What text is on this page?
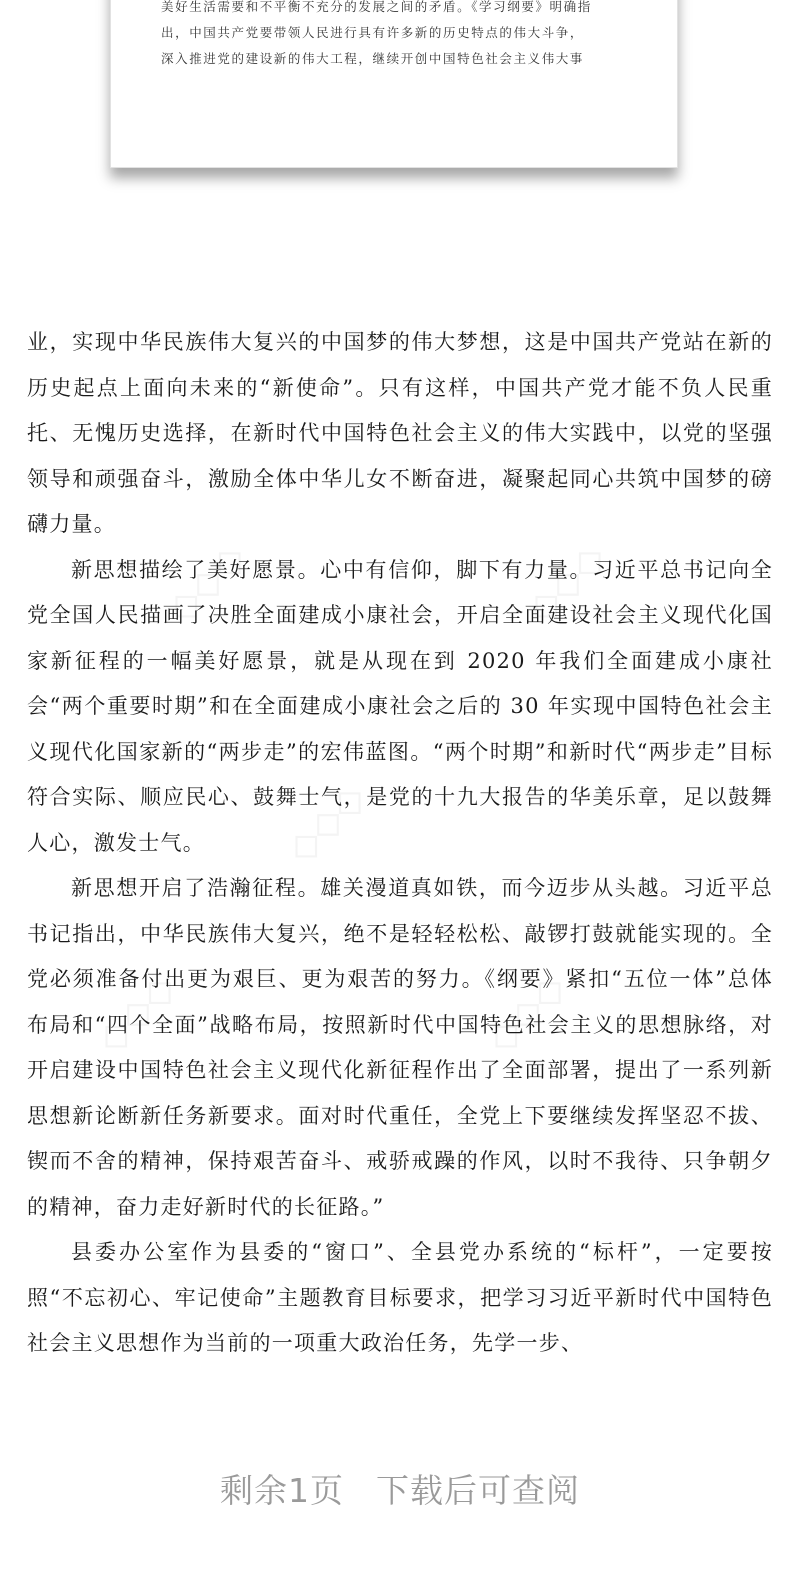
美好生活需要和不平衡不充分的发展之间的矛盾。《学习纲要》明确指
出，中国共产党要带领人民进行具有许多新的历史特点的伟大斗争，
深入推进党的建设新的伟大工程，继续开创中国特色社会主义伟大事
◇◇◇	◇◇◇
◇◇◇
◇◇◇	◇◇◇

业，实现中华民族伟大复兴的中国梦的伟大梦想，这是中国共产党站在新的历史起点上面向未来的“新使命”。只有这样，中国共产党才能不负人民重托、无愧历史选择，在新时代中国特色社会主义的伟大实践中，以党的坚强领导和顽强奋斗，激励全体中华儿女不断奋进，凝聚起同心共筑中国梦的磅礴力量。

新思想描绘了美好愿景。心中有信仰，脚下有力量。习近平总书记向全党全国人民描画了决胜全面建成小康社会，开启全面建设社会主义现代化国家新征程的一幅美好愿景，就是从现在到 2020 年我们全面建成小康社会“两个重要时期”和在全面建成小康社会之后的 30 年实现中国特色社会主义现代化国家新的“两步走”的宏伟蓝图。“两个时期”和新时代“两步走”目标符合实际、顺应民心、鼓舞士气，是党的十九大报告的华美乐章，足以鼓舞人心，激发士气。

新思想开启了浩瀚征程。雄关漫道真如铁，而今迈步从头越。习近平总书记指出，中华民族伟大复兴，绝不是轻轻松松、敲锣打鼓就能实现的。全党必须准备付出更为艰巨、更为艰苦的努力。《纲要》紧扣“五位一体”总体布局和“四个全面”战略布局，按照新时代中国特色社会主义的思想脉络，对开启建设中国特色社会主义现代化新征程作出了全面部署，提出了一系列新思想新论断新任务新要求。面对时代重任，全党上下要继续发挥坚忍不拔、锲而不舍的精神，保持艰苦奋斗、戒骄戒躁的作风，以时不我待、只争朝夕的精神，奋力走好新时代的长征路。”

县委办公室作为县委的“窗口”、全县党办系统的“标杆”，一定要按照“不忘初心、牢记使命”主题教育目标要求，把学习习近平新时代中国特色社会主义思想作为当前的一项重大政治任务，先学一步、

剩余1页 下载后可查阅
